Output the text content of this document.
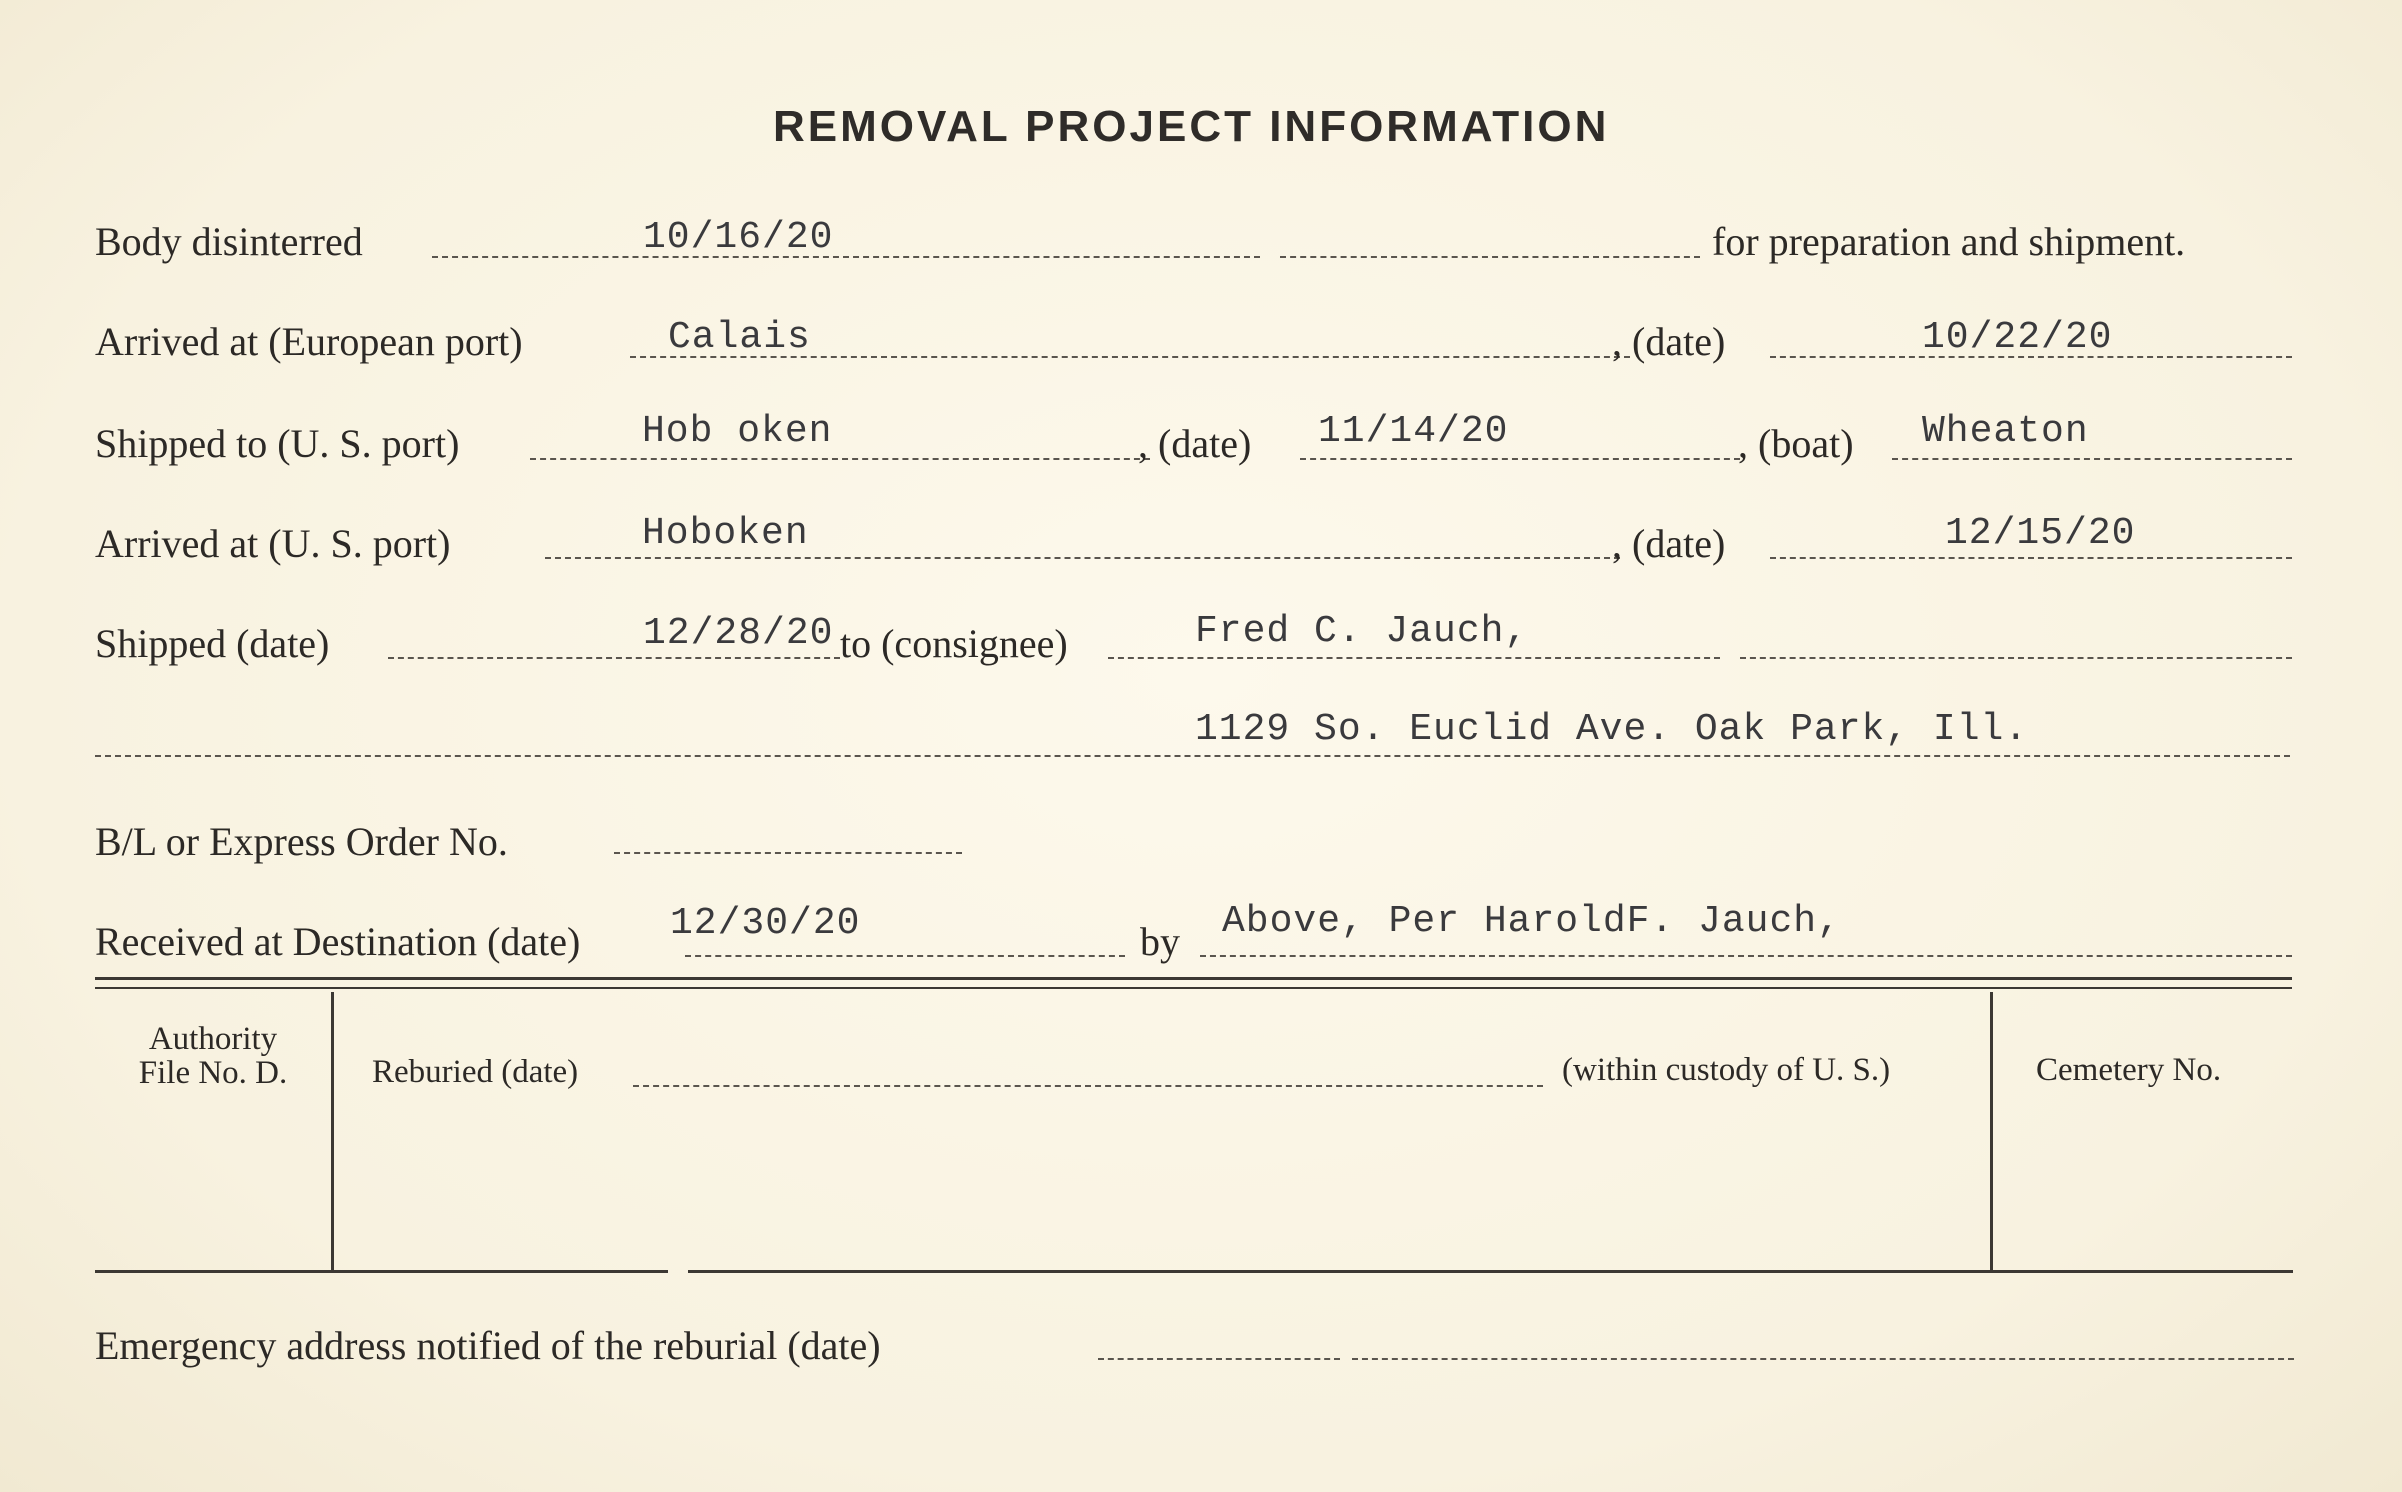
REMOVAL PROJECT INFORMATION
Body disinterred	10/16/20	for preparation and shipment.
Arrived at (European port)	Calais	, (date)	10/22/20
Shipped to (U. S. port)	Hob oken	, (date) 11/14/20	, (boat) Wheaton
Arrived at (U. S. port)	Hoboken	, (date)	12/15/20
Shipped (date)	12/28/20 to (consignee)	Fred C. Jauch,
1129 So. Euclid Ave. Oak Park, Ill.
B/L or Express Order No.
Received at Destination (date) 12/30/20	by Above, Per HaroldF. Jauch,
Authority
File No. D.	Reburied (date)	(within custody of U. S.)	Cemetery No.
Emergency address notified of the reburial (date)
